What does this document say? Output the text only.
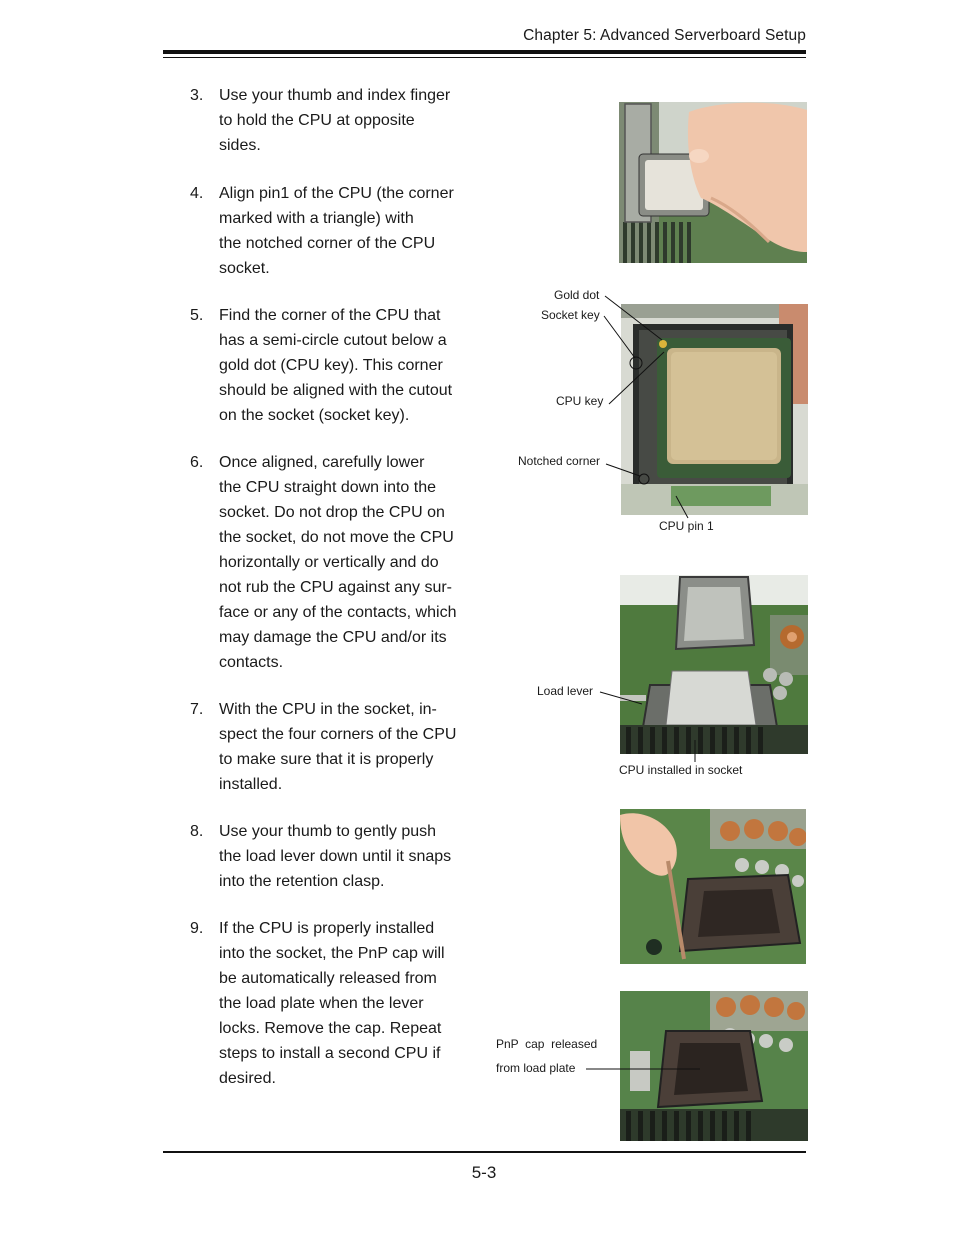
Chapter 5: Advanced Serverboard Setup
3. Use your thumb and index finger
to hold the CPU at opposite
sides.
4. Align pin1 of the CPU (the corner
marked with a triangle) with
the notched corner of the CPU
socket.
5. Find the corner of the CPU that
has a semi-circle cutout below a
gold dot (CPU key). This corner
should be aligned with the cutout
on the socket (socket key).
6. Once aligned, carefully lower
the CPU straight down into the
socket. Do not drop the CPU on
the socket, do not move the CPU
horizontally or vertically and do
not rub the CPU against any sur-
face or any of the contacts, which
may damage the CPU and/or its
contacts.
7. With the CPU in the socket, in-
spect the four corners of the CPU
to make sure that it is properly
installed.
8. Use your thumb to gently push
the load lever down until it snaps
into the retention clasp.
9. If the CPU is properly installed
into the socket, the PnP cap will
be automatically released from
the load plate when the lever
locks. Remove the cap. Repeat
steps to install a second CPU if
desired.
Gold dot
Socket key
CPU key
Notched corner
CPU pin 1
Load lever
CPU installed in socket
PnP  cap  released
from load plate
5-3
